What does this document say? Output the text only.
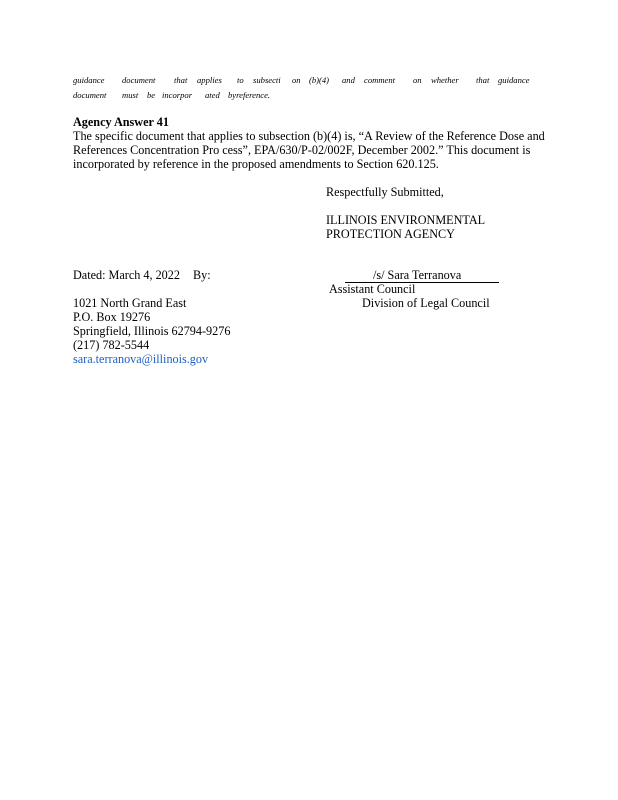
guidance document that applies to subsecti on (b)(4) and comment on whether that guidance
document must be incorpor ated byreference.
Agency Answer 41
The specific document that applies to subsection (b)(4) is, “A Review of the Reference Dose and
References Concentration Pro cess”, EPA/630/P-02/002F, December 2002.” This document is
incorporated by reference in the proposed amendments to Section 620.125.
Respectfully Submitted,
ILLINOIS ENVIRONMENTAL
PROTECTION AGENCY
Dated: March 4, 2022 By:	/s/ Sara Terranova
Assistant Council
Division of Legal Council
1021 North Grand East
P.O. Box 19276
Springfield, Illinois 62794-9276
(217) 782-5544
sara.terranova@illinois.gov
